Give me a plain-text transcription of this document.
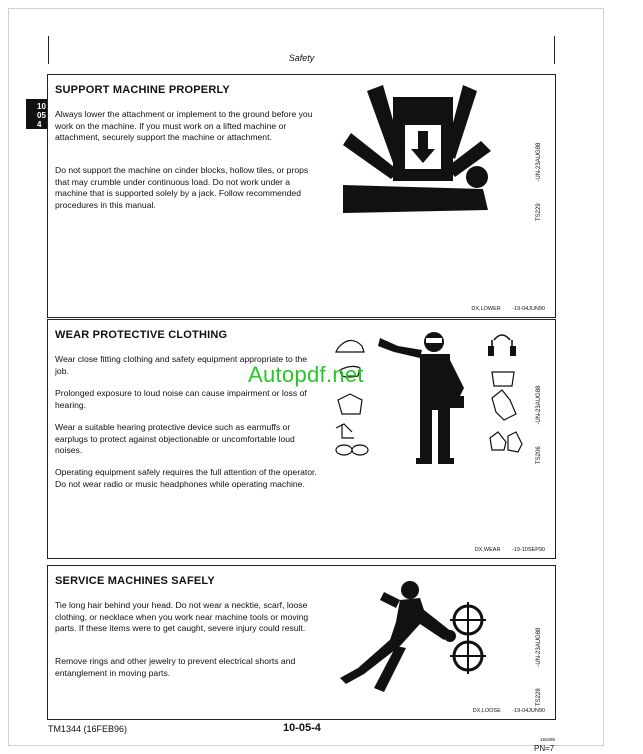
Safety
10
05
4
SUPPORT MACHINE PROPERLY

Always lower the attachment or implement to the ground before you work on the machine. If you must work on a lifted machine or attachment, securely support the machine or attachment.

Do not support the machine on cinder blocks, hollow tiles, or props that may crumble under continuous load. Do not work under a machine that is supported solely by a jack. Follow recommended procedures in this manual.	TS229 -UN-23AUG88
DX,LOWER -19-04JUN90
WEAR PROTECTIVE CLOTHING

Wear close fitting clothing and safety equipment appropriate to the job.

Prolonged exposure to loud noise can cause impairment or loss of hearing.

Wear a suitable hearing protective device such as earmuffs or earplugs to protect against objectionable or uncomfortable loud noises.

Operating equipment safely requires the full attention of the operator. Do not wear radio or music headphones while operating machine.

TS206 -UN-23AUG88
DX,WEAR -19-10SEP90
SERVICE MACHINES SAFELY

Tie long hair behind your head. Do not wear a necktie, scarf, loose clothing, or necklace when you work near machine tools or moving parts. If these items were to get caught, severe injury could result.

Remove rings and other jewelry to prevent electrical shorts and entanglement in moving parts.

TS228 -UN-23AUG88
DX,LOOSE -19-04JUN90
Autopdf.net
TM1344 (16FEB96)	10-05-4
150296
PN=7
